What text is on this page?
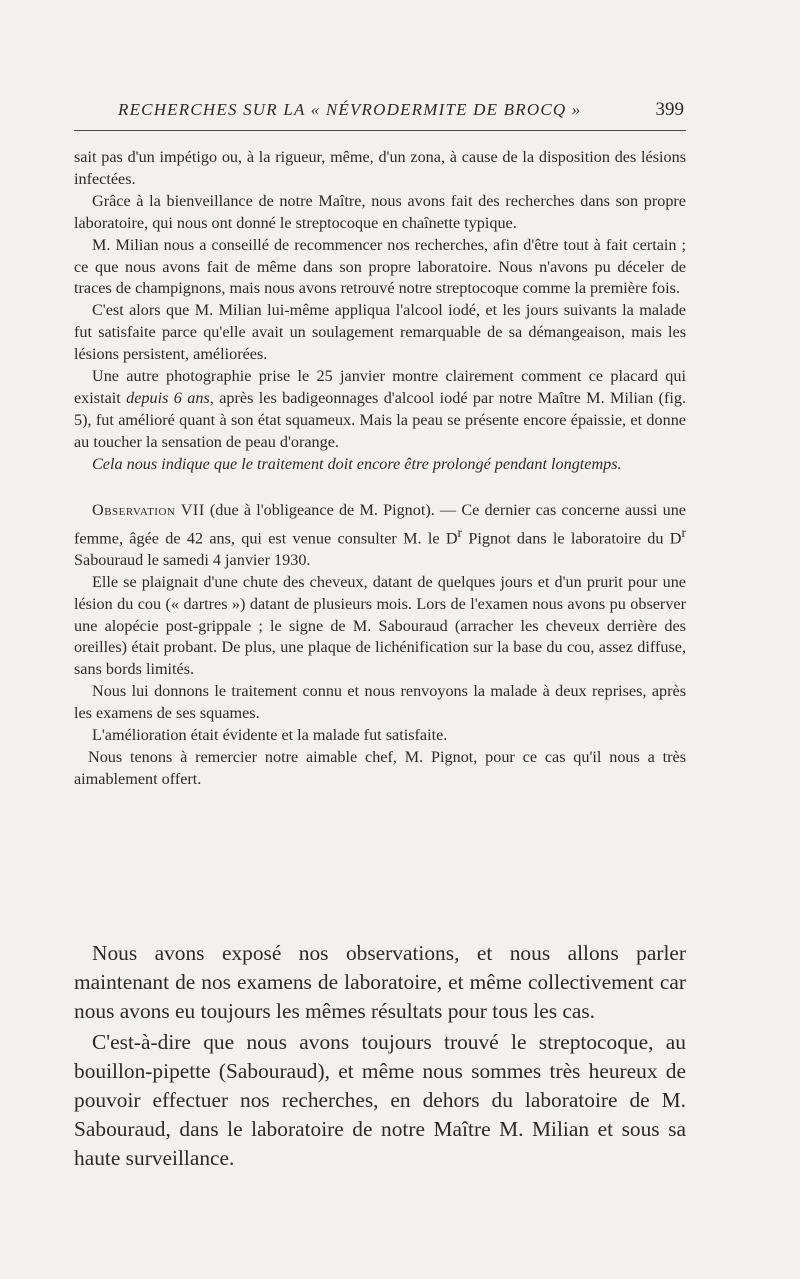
RECHERCHES SUR LA « NÉVRODERMITE DE BROCQ »	399

sait pas d'un impétigo ou, à la rigueur, même, d'un zona, à cause de la disposition des lésions infectées.

Grâce à la bienveillance de notre Maître, nous avons fait des recherches dans son propre laboratoire, qui nous ont donné le streptocoque en chaînette typique.

M. Milian nous a conseillé de recommencer nos recherches, afin d'être tout à fait certain ; ce que nous avons fait de même dans son propre laboratoire. Nous n'avons pu déceler de traces de champignons, mais nous avons retrouvé notre streptocoque comme la première fois.

C'est alors que M. Milian lui-même appliqua l'alcool iodé, et les jours suivants la malade fut satisfaite parce qu'elle avait un soulagement remarquable de sa démangeaison, mais les lésions persistent, améliorées.

Une autre photographie prise le 25 janvier montre clairement comment ce placard qui existait depuis 6 ans, après les badigeonnages d'alcool iodé par notre Maître M. Milian (fig. 5), fut amélioré quant à son état squameux. Mais la peau se présente encore épaissie, et donne au toucher la sensation de peau d'orange.

Cela nous indique que le traitement doit encore être prolongé pendant longtemps.

Observation VII (due à l'obligeance de M. Pignot). — Ce dernier cas concerne aussi une femme, âgée de 42 ans, qui est venue consulter M. le $D^r$ Pignot dans le laboratoire du $D^r$ Sabouraud le samedi 4 janvier 1930.

Elle se plaignait d'une chute des cheveux, datant de quelques jours et d'un prurit pour une lésion du cou (« dartres ») datant de plusieurs mois. Lors de l'examen nous avons pu observer une alopécie post-grippale ; le signe de M. Sabouraud (arracher les cheveux derrière des oreilles) était probant. De plus, une plaque de lichénification sur la base du cou, assez diffuse, sans bords limités.

Nous lui donnons le traitement connu et nous renvoyons la malade à deux reprises, après les examens de ses squames.

L'amélioration était évidente et la malade fut satisfaite.

Nous tenons à remercier notre aimable chef, M. Pignot, pour ce cas qu'il nous a très aimablement offert.

Nous avons exposé nos observations, et nous allons parler maintenant de nos examens de laboratoire, et même collectivement car nous avons eu toujours les mêmes résultats pour tous les cas.

C'est-à-dire que nous avons toujours trouvé le streptocoque, au bouillon-pipette (Sabouraud), et même nous sommes très heureux de pouvoir effectuer nos recherches, en dehors du laboratoire de M. Sabouraud, dans le laboratoire de notre Maître M. Milian et sous sa haute surveillance.
